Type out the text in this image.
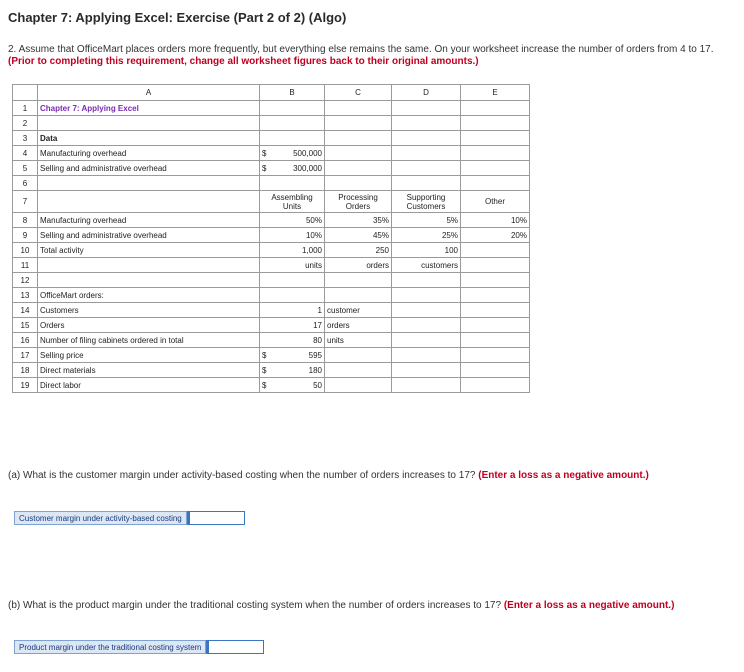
Chapter 7: Applying Excel: Exercise (Part 2 of 2) (Algo)
2. Assume that OfficeMart places orders more frequently, but everything else remains the same. On your worksheet increase the number of orders from 4 to 17. (Prior to completing this requirement, change all worksheet figures back to their original amounts.)
	A	B	C	D	E
1	Chapter 7: Applying Excel				
2					
3	Data				
4	Manufacturing overhead	$ 500,000			

5	Selling and administrative overhead	$ 300,000			

6					
7		Assembling Units	Processing Orders	Supporting Customers	Other
8	Manufacturing overhead	50%	35%	5%	10%
9	Selling and administrative overhead	10%	45%	25%	20%
10	Total activity	1,000	250	100	
11		units	orders	customers	
12					
13	OfficeMart orders:				
14	Customers	1	customer		
15	Orders	17	orders		
16	Number of filing cabinets ordered in total	80	units		
17	Selling price	$ 595			

18	Direct materials	$ 180			

19	Direct labor	$ 50			

(a) What is the customer margin under activity-based costing when the number of orders increases to 17? (Enter a loss as a negative amount.)
Customer margin under activity-based costing
(b) What is the product margin under the traditional costing system when the number of orders increases to 17? (Enter a loss as a negative amount.)
Product margin under the traditional costing system
